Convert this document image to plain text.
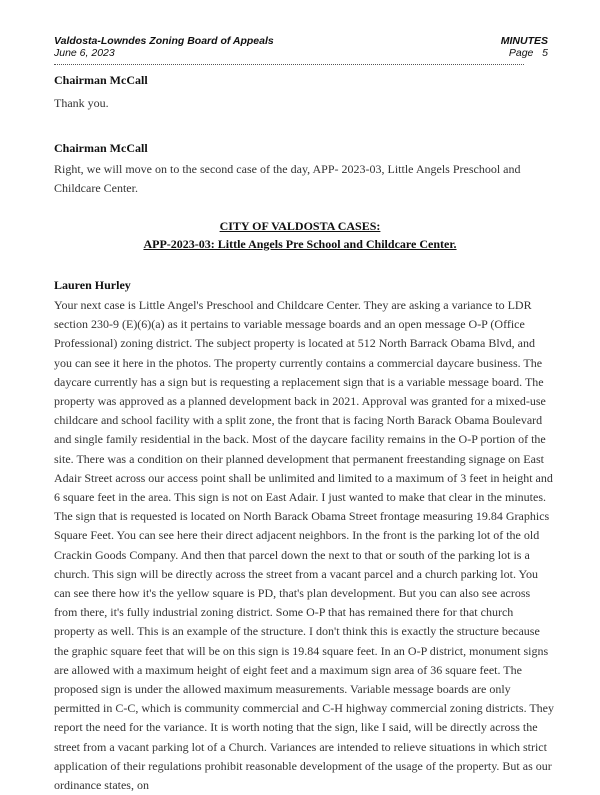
Valdosta-Lowndes Zoning Board of Appeals	MINUTES
June 6, 2023	Page   5
Chairman McCall
Thank you.
Chairman McCall
Right, we will move on to the second case of the day, APP- 2023-03, Little Angels Preschool and Childcare Center.
CITY OF VALDOSTA CASES:
APP-2023-03: Little Angels Pre School and Childcare Center.
Lauren Hurley
Your next case is Little Angel's Preschool and Childcare Center. They are asking a variance to LDR section 230-9 (E)(6)(a) as it pertains to variable message boards and an open message O-P (Office Professional) zoning district. The subject property is located at 512 North Barrack Obama Blvd, and you can see it here in the photos. The property currently contains a commercial daycare business. The daycare currently has a sign but is requesting a replacement sign that is a variable message board. The property was approved as a planned development back in 2021. Approval was granted for a mixed-use childcare and school facility with a split zone, the front that is facing North Barack Obama Boulevard and single family residential in the back. Most of the daycare facility remains in the O-P portion of the site. There was a condition on their planned development that permanent freestanding signage on East Adair Street across our access point shall be unlimited and limited to a maximum of 3 feet in height and 6 square feet in the area. This sign is not on East Adair. I just wanted to make that clear in the minutes. The sign that is requested is located on North Barack Obama Street frontage measuring 19.84 Graphics Square Feet. You can see here their direct adjacent neighbors. In the front is the parking lot of the old Crackin Goods Company. And then that parcel down the next to that or south of the parking lot is a church. This sign will be directly across the street from a vacant parcel and a church parking lot. You can see there how it's the yellow square is PD, that's plan development. But you can also see across from there, it's fully industrial zoning district. Some O-P that has remained there for that church property as well. This is an example of the structure. I don't think this is exactly the structure because the graphic square feet that will be on this sign is 19.84 square feet. In an O-P district, monument signs are allowed with a maximum height of eight feet and a maximum sign area of 36 square feet. The proposed sign is under the allowed maximum measurements. Variable message boards are only permitted in C-C, which is community commercial and C-H highway commercial zoning districts. They report the need for the variance. It is worth noting that the sign, like I said, will be directly across the street from a vacant parking lot of a Church. Variances are intended to relieve situations in which strict application of their regulations prohibit reasonable development of the usage of the property. But as our ordinance states, on
